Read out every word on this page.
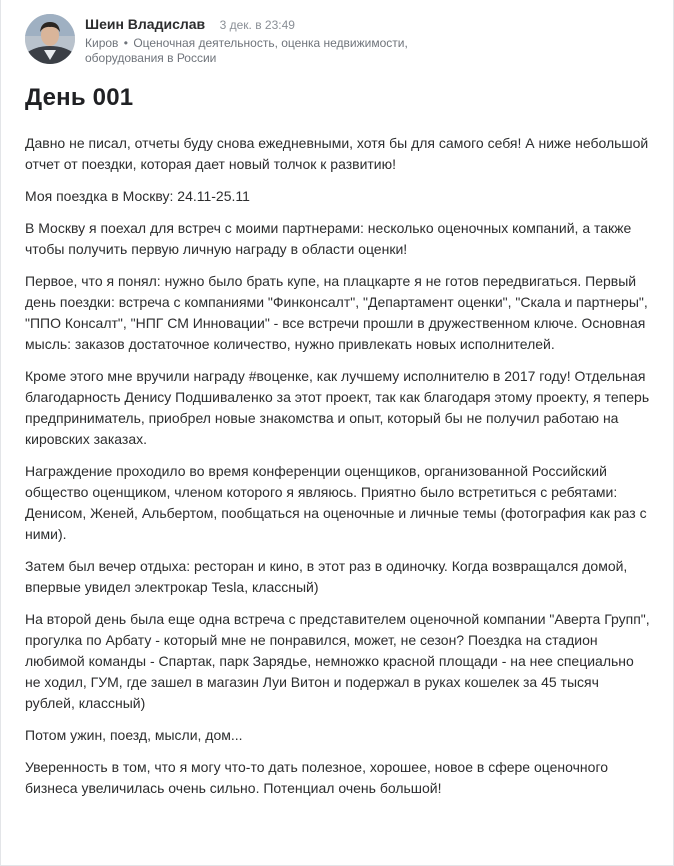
Шеин Владислав 3 дек. в 23:49
Киров • Оценочная деятельность, оценка недвижимости, оборудования в России
День 001

Давно не писал, отчеты буду снова ежедневными, хотя бы для самого себя! А ниже небольшой отчет от поездки, которая дает новый толчок к развитию!

Моя поездка в Москву: 24.11-25.11

В Москву я поехал для встреч с моими партнерами: несколько оценочных компаний, а также чтобы получить первую личную награду в области оценки!

Первое, что я понял: нужно было брать купе, на плацкарте я не готов передвигаться. Первый день поездки: встреча с компаниями "Финконсалт", "Департамент оценки", "Скала и партнеры", "ППО Консалт", "НПГ СМ Инновации" - все встречи прошли в дружественном ключе. Основная мысль: заказов достаточное количество, нужно привлекать новых исполнителей.

Кроме этого мне вручили награду #воценке, как лучшему исполнителю в 2017 году! Отдельная благодарность Денису Подшиваленко за этот проект, так как благодаря этому проекту, я теперь предприниматель, приобрел новые знакомства и опыт, который бы не получил работаю на кировских заказах.

Награждение проходило во время конференции оценщиков, организованной Российский общество оценщиком, членом которого я являюсь. Приятно было встретиться с ребятами: Денисом, Женей, Альбертом, пообщаться на оценочные и личные темы (фотография как раз с ними).

Затем был вечер отдыха: ресторан и кино, в этот раз в одиночку. Когда возвращался домой, впервые увидел электрокар Tesla, классный)

На второй день была еще одна встреча с представителем оценочной компании "Аверта Групп", прогулка по Арбату - который мне не понравился, может, не сезон? Поездка на стадион любимой команды - Спартак, парк Зарядье, немножко красной площади - на нее специально не ходил, ГУМ, где зашел в магазин Луи Витон и подержал в руках кошелек за 45 тысяч рублей, классный)

Потом ужин, поезд, мысли, дом...

Уверенность в том, что я могу что-то дать полезное, хорошее, новое в сфере оценочного бизнеса увеличилась очень сильно. Потенциал очень большой!
